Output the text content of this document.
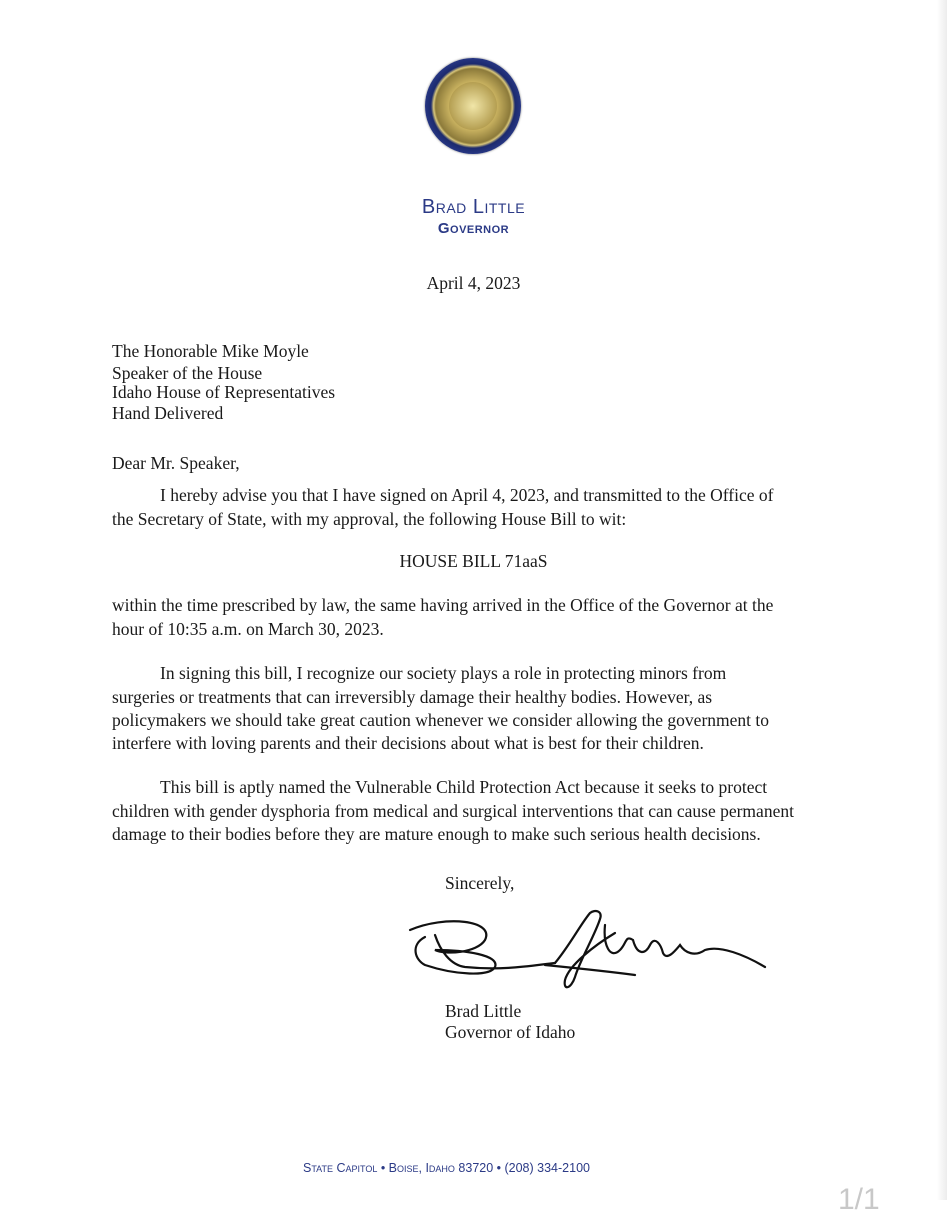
Brad Little
Governor
April 4, 2023
The Honorable Mike Moyle
Speaker of the House
Idaho House of Representatives
Hand Delivered
Dear Mr. Speaker,
I hereby advise you that I have signed on April 4, 2023, and transmitted to the Office of
the Secretary of State, with my approval, the following House Bill to wit:
HOUSE BILL 71aaS
within the time prescribed by law, the same having arrived in the Office of the Governor at the
hour of 10:35 a.m. on March 30, 2023.
In signing this bill, I recognize our society plays a role in protecting minors from
surgeries or treatments that can irreversibly damage their healthy bodies. However, as
policymakers we should take great caution whenever we consider allowing the government to
interfere with loving parents and their decisions about what is best for their children.
This bill is aptly named the Vulnerable Child Protection Act because it seeks to protect
children with gender dysphoria from medical and surgical interventions that can cause permanent
damage to their bodies before they are mature enough to make such serious health decisions.
Sincerely,
Brad Little
Governor of Idaho
State Capitol • Boise, Idaho 83720 • (208) 334-2100
1/1
